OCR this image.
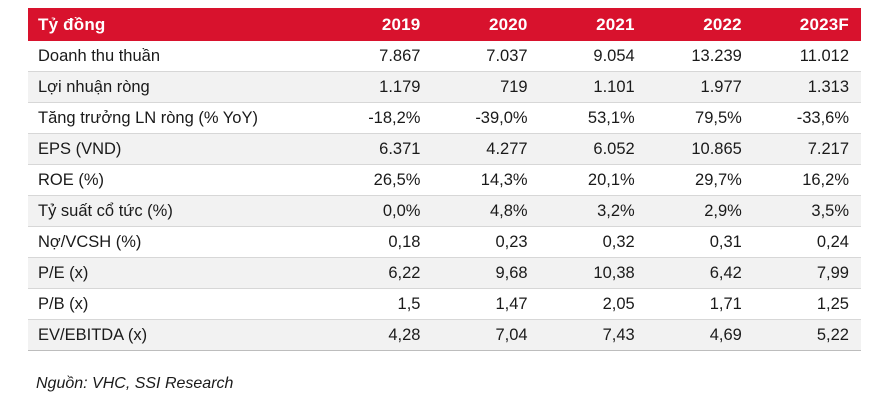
Tỷ đồng	2019	2020	2021	2022	2023F
Doanh thu thuần	7.867	7.037	9.054	13.239	11.012
Lợi nhuận ròng	1.179	719	1.101	1.977	1.313
Tăng trưởng LN ròng (% YoY)	-18,2%	-39,0%	53,1%	79,5%	-33,6%
EPS (VND)	6.371	4.277	6.052	10.865	7.217
ROE (%)	26,5%	14,3%	20,1%	29,7%	16,2%
Tỷ suất cổ tức (%)	0,0%	4,8%	3,2%	2,9%	3,5%
Nợ/VCSH (%)	0,18	0,23	0,32	0,31	0,24
P/E (x)	6,22	9,68	10,38	6,42	7,99
P/B (x)	1,5	1,47	2,05	1,71	1,25
EV/EBITDA (x)	4,28	7,04	7,43	4,69	5,22
Nguồn: VHC, SSI Research
